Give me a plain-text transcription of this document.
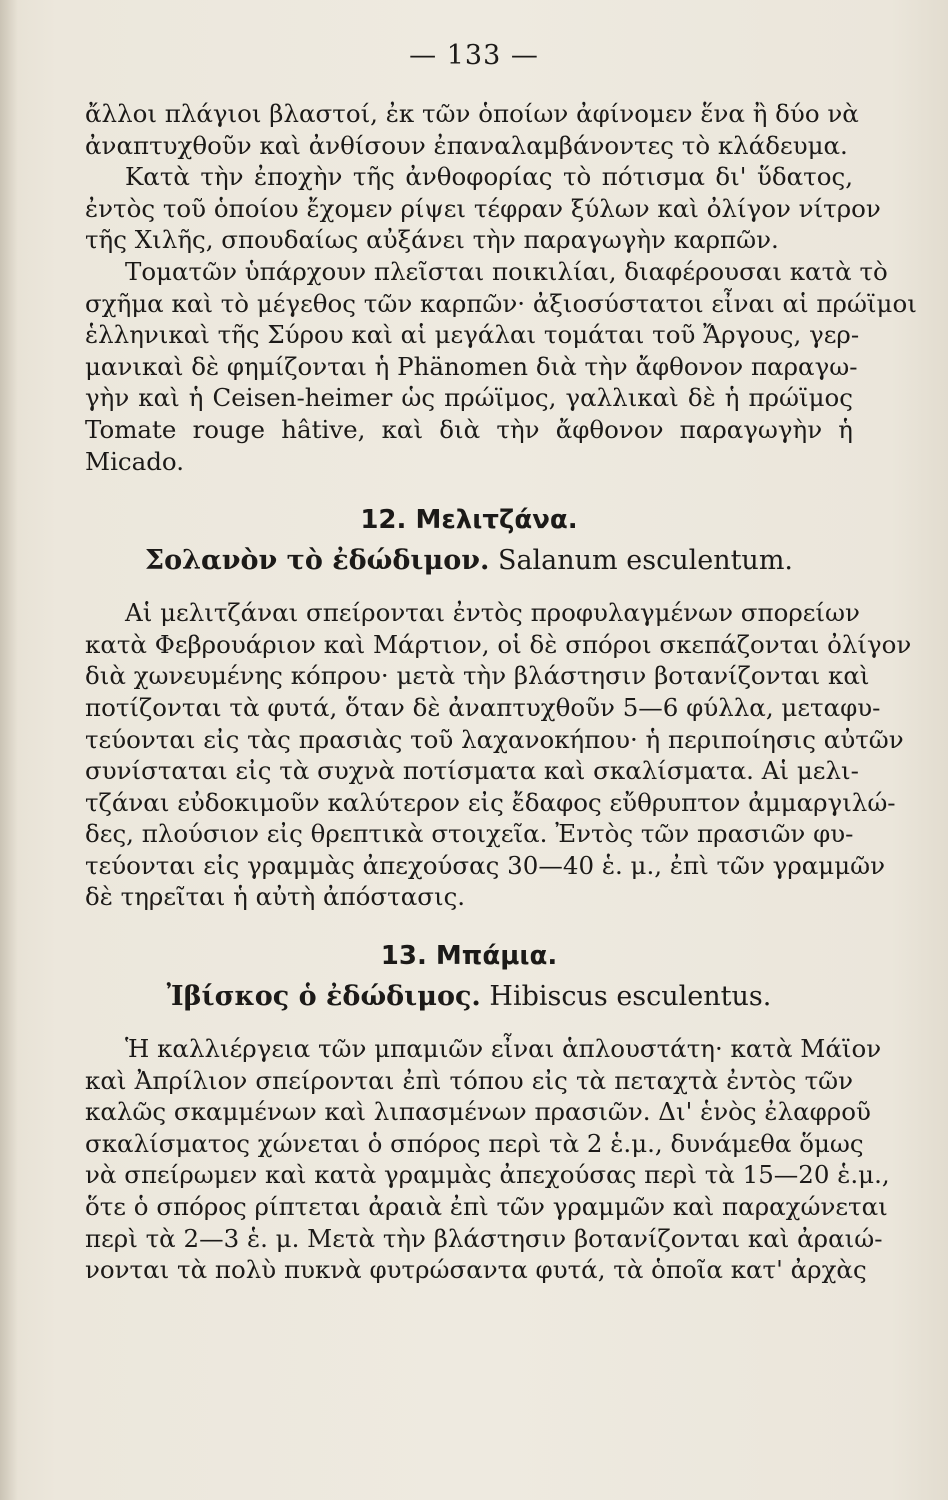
— 133 —
ἄλλοι πλάγιοι βλαστοί, ἐκ τῶν ὁποίων ἀφίνομεν ἕνα ἢ δύο νὰ
ἀναπτυχθοῦν καὶ ἀνθίσουν ἐπαναλαμβάνοντες τὸ κλάδευμα.
Κατὰ τὴν ἐποχὴν τῆς ἀνθοφορίας τὸ πότισμα δι' ὕδατος,
ἐντὸς τοῦ ὁποίου ἔχομεν ρίψει τέφραν ξύλων καὶ ὀλίγον νίτρον
τῆς Χιλῆς, σπουδαίως αὐξάνει τὴν παραγωγὴν καρπῶν.
Τοματῶν ὑπάρχουν πλεῖσται ποικιλίαι, διαφέρουσαι κατὰ τὸ
σχῆμα καὶ τὸ μέγεθος τῶν καρπῶν· ἀξιοσύστατοι εἶναι αἱ πρώϊμοι
ἑλληνικαὶ τῆς Σύρου καὶ αἱ μεγάλαι τομάται τοῦ Ἄργους, γερ-
μανικαὶ δὲ φημίζονται ἡ Phänomen διὰ τὴν ἄφθονον παραγω-
γὴν καὶ ἡ Ceisen-heimer ὡς πρώϊμος, γαλλικαὶ δὲ ἡ πρώϊμος
Tomate rouge hâtive, καὶ διὰ τὴν ἄφθονον παραγωγὴν ἡ
Micado.
12. Μελιτζάνα.
Σολανὸν τὸ ἐδώδιμον. Salanum esculentum.
Αἱ μελιτζάναι σπείρονται ἐντὸς προφυλαγμένων σπορείων
κατὰ Φεβρουάριον καὶ Μάρτιον, οἱ δὲ σπόροι σκεπάζονται ὀλίγον
διὰ χωνευμένης κόπρου· μετὰ τὴν βλάστησιν βοτανίζονται καὶ
ποτίζονται τὰ φυτά, ὅταν δὲ ἀναπτυχθοῦν 5—6 φύλλα, μεταφυ-
τεύονται εἰς τὰς πρασιὰς τοῦ λαχανοκήπου· ἡ περιποίησις αὐτῶν
συνίσταται εἰς τὰ συχνὰ ποτίσματα καὶ σκαλίσματα. Αἱ μελι-
τζάναι εὐδοκιμοῦν καλύτερον εἰς ἔδαφος εὔθρυπτον ἀμμαργιλώ-
δες, πλούσιον εἰς θρεπτικὰ στοιχεῖα. Ἐντὸς τῶν πρασιῶν φυ-
τεύονται εἰς γραμμὰς ἀπεχούσας 30—40 ἑ. μ., ἐπὶ τῶν γραμμῶν
δὲ τηρεῖται ἡ αὐτὴ ἀπόστασις.
13. Μπάμια.
Ἰβίσκος ὁ ἐδώδιμος. Hibiscus esculentus.
Ἡ καλλιέργεια τῶν μπαμιῶν εἶναι ἁπλουστάτη· κατὰ Μάϊον
καὶ Ἀπρίλιον σπείρονται ἐπὶ τόπου εἰς τὰ πεταχτὰ ἐντὸς τῶν
καλῶς σκαμμένων καὶ λιπασμένων πρασιῶν. Δι' ἑνὸς ἐλαφροῦ
σκαλίσματος χώνεται ὁ σπόρος περὶ τὰ 2 ἑ.μ., δυνάμεθα ὅμως
νὰ σπείρωμεν καὶ κατὰ γραμμὰς ἀπεχούσας περὶ τὰ 15—20 ἑ.μ.,
ὅτε ὁ σπόρος ρίπτεται ἀραιὰ ἐπὶ τῶν γραμμῶν καὶ παραχώνεται
περὶ τὰ 2—3 ἑ. μ. Μετὰ τὴν βλάστησιν βοτανίζονται καὶ ἀραιώ-
νονται τὰ πολὺ πυκνὰ φυτρώσαντα φυτά, τὰ ὁποῖα κατ' ἀρχὰς
